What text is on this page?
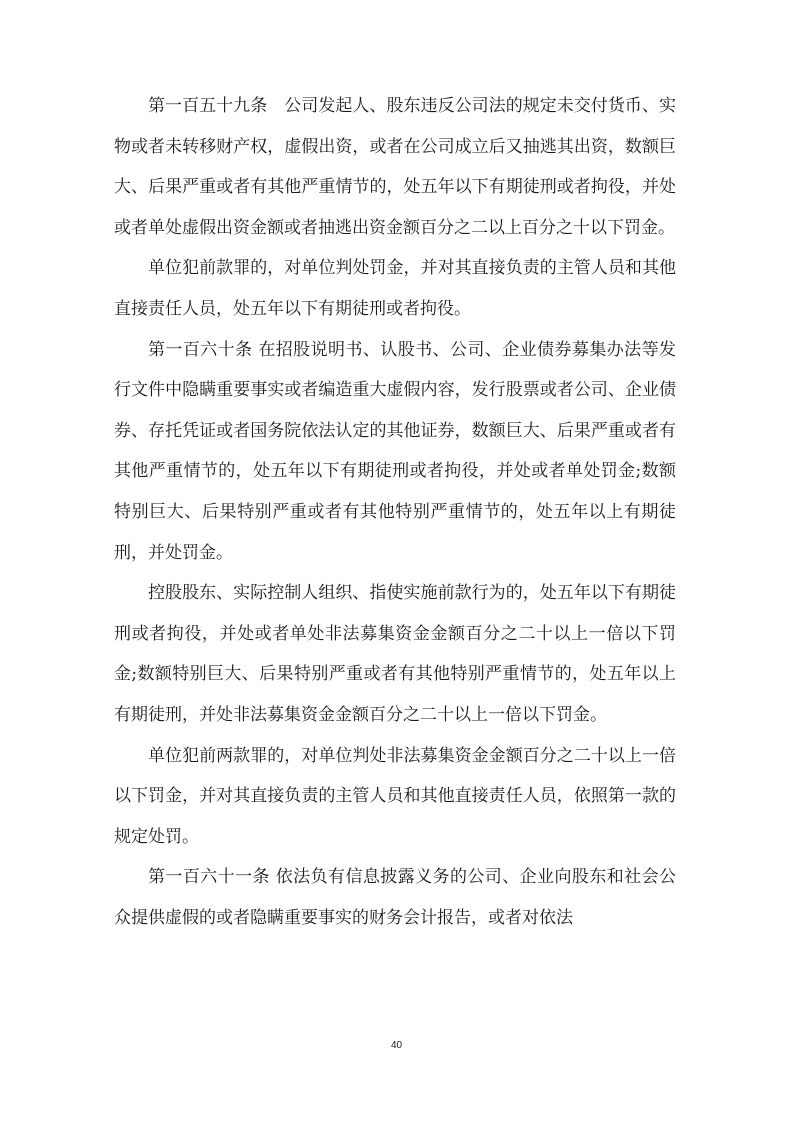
第一百五十九条　公司发起人、股东违反公司法的规定未交付货币、实物或者未转移财产权，虚假出资，或者在公司成立后又抽逃其出资，数额巨大、后果严重或者有其他严重情节的，处五年以下有期徒刑或者拘役，并处或者单处虚假出资金额或者抽逃出资金额百分之二以上百分之十以下罚金。

单位犯前款罪的，对单位判处罚金，并对其直接负责的主管人员和其他直接责任人员，处五年以下有期徒刑或者拘役。

第一百六十条 在招股说明书、认股书、公司、企业债券募集办法等发行文件中隐瞒重要事实或者编造重大虚假内容，发行股票或者公司、企业债券、存托凭证或者国务院依法认定的其他证券，数额巨大、后果严重或者有其他严重情节的，处五年以下有期徒刑或者拘役，并处或者单处罚金;数额特别巨大、后果特别严重或者有其他特别严重情节的，处五年以上有期徒刑，并处罚金。

控股股东、实际控制人组织、指使实施前款行为的，处五年以下有期徒刑或者拘役，并处或者单处非法募集资金金额百分之二十以上一倍以下罚金;数额特别巨大、后果特别严重或者有其他特别严重情节的，处五年以上有期徒刑，并处非法募集资金金额百分之二十以上一倍以下罚金。

单位犯前两款罪的，对单位判处非法募集资金金额百分之二十以上一倍以下罚金，并对其直接负责的主管人员和其他直接责任人员，依照第一款的规定处罚。

第一百六十一条 依法负有信息披露义务的公司、企业向股东和社会公众提供虚假的或者隐瞒重要事实的财务会计报告，或者对依法

40
